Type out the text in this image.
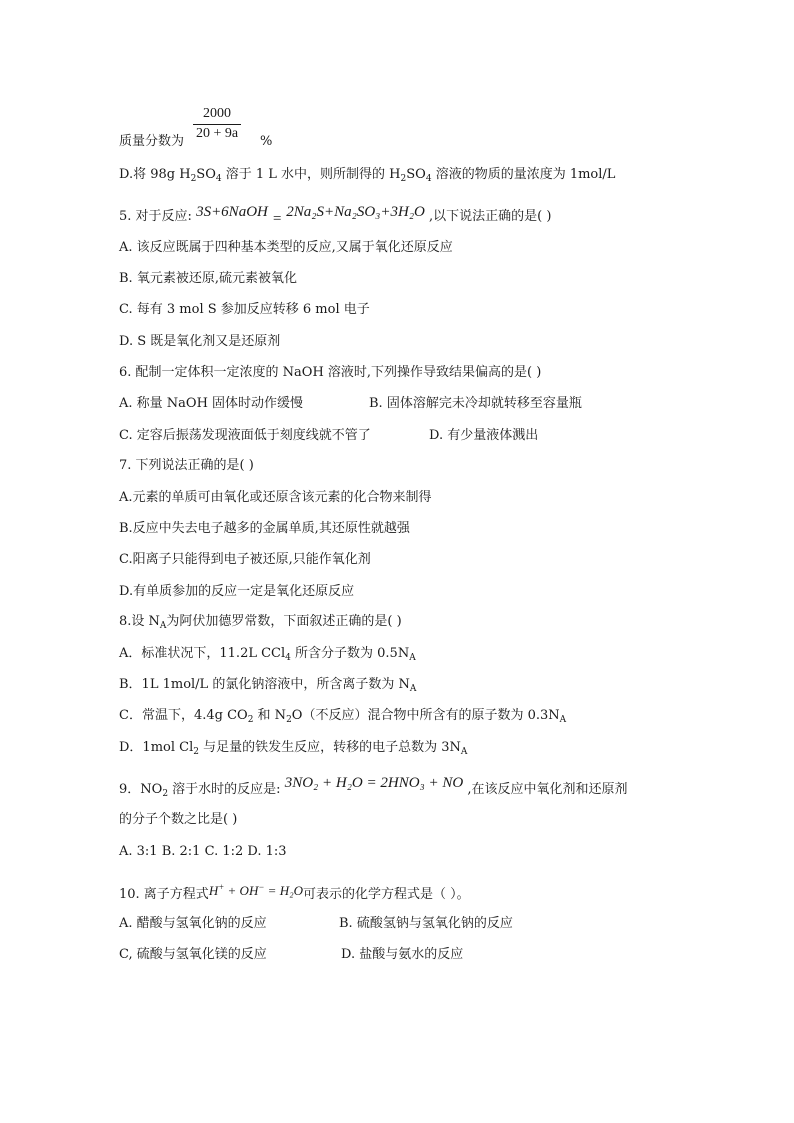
2000
20 + 9a
质量分数为	%
D.将 98g $H_2SO_4$ 溶于 1 L 水中，则所制得的 $H_2SO_4$ 溶液的物质的量浓度为 1mol/L
5. 对于反应: 3S+6NaOH = 2Na₂S+Na₂SO₃+3H₂O ,以下说法正确的是( )
A. 该反应既属于四种基本类型的反应,又属于氧化还原反应
B. 氧元素被还原,硫元素被氧化
C. 每有 3 mol S 参加反应转移 6 mol 电子
D. S 既是氧化剂又是还原剂
6. 配制一定体积一定浓度的 NaOH 溶液时,下列操作导致结果偏高的是( )
A. 称量 NaOH 固体时动作缓慢	B. 固体溶解完未冷却就转移至容量瓶
C. 定容后振荡发现液面低于刻度线就不管了	D. 有少量液体溅出
7. 下列说法正确的是( )
A.元素的单质可由氧化或还原含该元素的化合物来制得
B.反应中失去电子越多的金属单质,其还原性就越强
C.阳离子只能得到电子被还原,只能作氧化剂
D.有单质参加的反应一定是氧化还原反应
8.设 $N_A$为阿伏加德罗常数，下面叙述正确的是( )
A．标准状况下，11.2L CCl$_4$ 所含分子数为 $0.5N_A$
B．1L 1mol/L 的氯化钠溶液中，所含离子数为 $N_A$
C．常温下，4.4g $CO_2$ 和 $N_2O$（不反应）混合物中所含有的原子数为 $0.3N_A$
D．1mol $Cl_2$ 与足量的铁发生反应，转移的电子总数为 $3N_A$
9．$NO_2$ 溶于水时的反应是: 3NO₂ + H₂O = 2HNO₃ + NO ,在该反应中氧化剂和还原剂
的分子个数之比是( )
A. 3:1 B. 2:1 C. 1:2 D. 1:3
10. 离子方程式H+ + OH− = H₂O可表示的化学方程式是（ ）。
A. 醋酸与氢氧化钠的反应	B. 硫酸氢钠与氢氧化钠的反应
C, 硫酸与氢氧化镁的反应	D. 盐酸与氨水的反应
